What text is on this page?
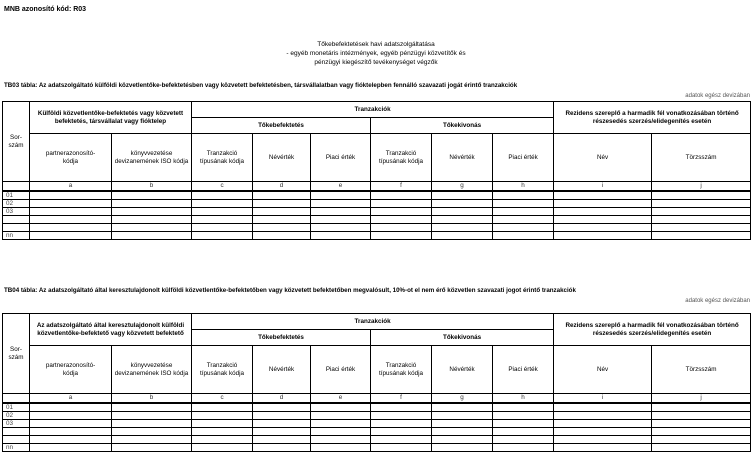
MNB azonosító kód: R03
Tőkebefektetések havi adatszolgáltatása
- egyéb monetáris intézmények, egyéb pénzügyi közvetítők és
pénzügyi kiegészítő tevékenységet végzők
TB03 tábla: Az adatszolgáltató külföldi közvetlentőke-befektetésben vagy közvetett befektetésben, társvállalatban vagy fióktelepben fennálló szavazati jogát érintő tranzakciók
adatok egész devizában
Sor-
szám	Külföldi közvetlentőke-befektetés vagy közvetett befektetés, társvállalat vagy fióktelep		Tranzakciók						Rezidens szereplő a harmadik fél vonatkozásában történő részesedés szerzés/elidegenítés esetén	
			Tőkebefektetés			Tőkekivonás				
	partnerazonosító-
kódja	könyvvezetése devizanemének ISO kódja	Tranzakció típusának kódja	Névérték	Piaci érték	Tranzakció típusának kódja	Névérték	Piaci érték	Név	Törzsszám
	a	b	c	d	e	f	g	h	i	j
01										
02										
03										

nn										
TB04 tábla: Az adatszolgáltató által keresztulajdonolt külföldi közvetlentőke-befektetőben vagy közvetett befektetőben megvalósult, 10%-ot el nem érő közvetlen szavazati jogot érintő tranzakciók
adatok egész devizában
Sor-
szám	Az adatszolgáltató által keresztulajdonolt külföldi közvetlentőke-befektető vagy közvetett befektető		Tranzakciók						Rezidens szereplő a harmadik fél vonatkozásában történő részesedés szerzés/elidegenítés esetén	
			Tőkebefektetés			Tőkekivonás				
	partnerazonosító-
kódja	könyvvezetése devizanemének ISO kódja	Tranzakció típusának kódja	Névérték	Piaci érték	Tranzakció típusának kódja	Névérték	Piaci érték	Név	Törzsszám
	a	b	c	d	e	f	g	h	i	j
01										
02										
03										

nn										
